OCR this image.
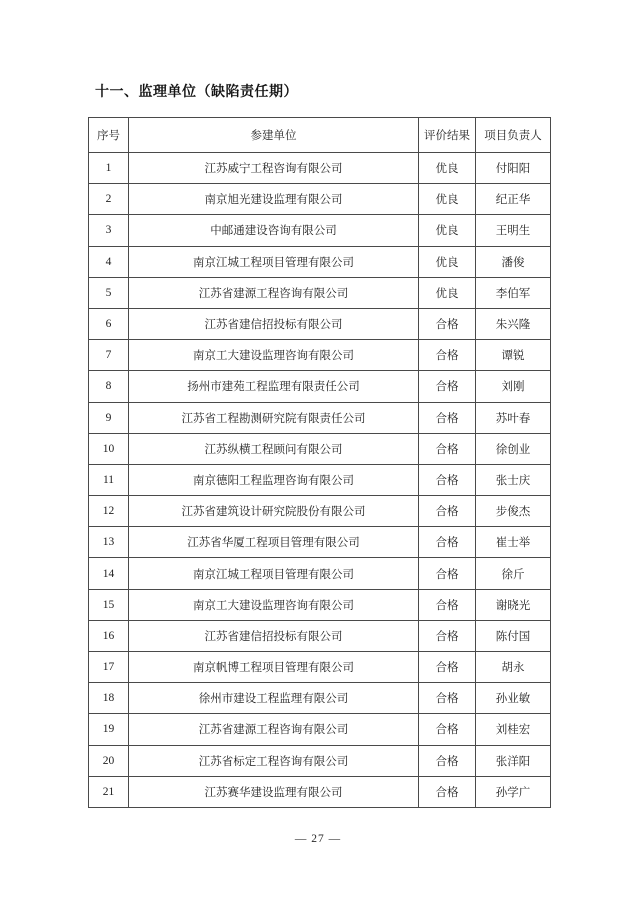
十一、监理单位（缺陷责任期）
序号	参建单位	评价结果	项目负责人
1	江苏威宁工程咨询有限公司	优良	付阳阳
2	南京旭光建设监理有限公司	优良	纪正华
3	中邮通建设咨询有限公司	优良	王明生
4	南京江城工程项目管理有限公司	优良	潘俊
5	江苏省建源工程咨询有限公司	优良	李伯军
6	江苏省建信招投标有限公司	合格	朱兴隆
7	南京工大建设监理咨询有限公司	合格	谭锐
8	扬州市建苑工程监理有限责任公司	合格	刘刚
9	江苏省工程勘测研究院有限责任公司	合格	苏叶春
10	江苏纵横工程顾问有限公司	合格	徐创业
11	南京德阳工程监理咨询有限公司	合格	张士庆
12	江苏省建筑设计研究院股份有限公司	合格	步俊杰
13	江苏省华厦工程项目管理有限公司	合格	崔士举
14	南京江城工程项目管理有限公司	合格	徐斤
15	南京工大建设监理咨询有限公司	合格	谢晓光
16	江苏省建信招投标有限公司	合格	陈付国
17	南京帆博工程项目管理有限公司	合格	胡永
18	徐州市建设工程监理有限公司	合格	孙业敏
19	江苏省建源工程咨询有限公司	合格	刘桂宏
20	江苏省标定工程咨询有限公司	合格	张洋阳
21	江苏赛华建设监理有限公司	合格	孙学广
— 27 —
